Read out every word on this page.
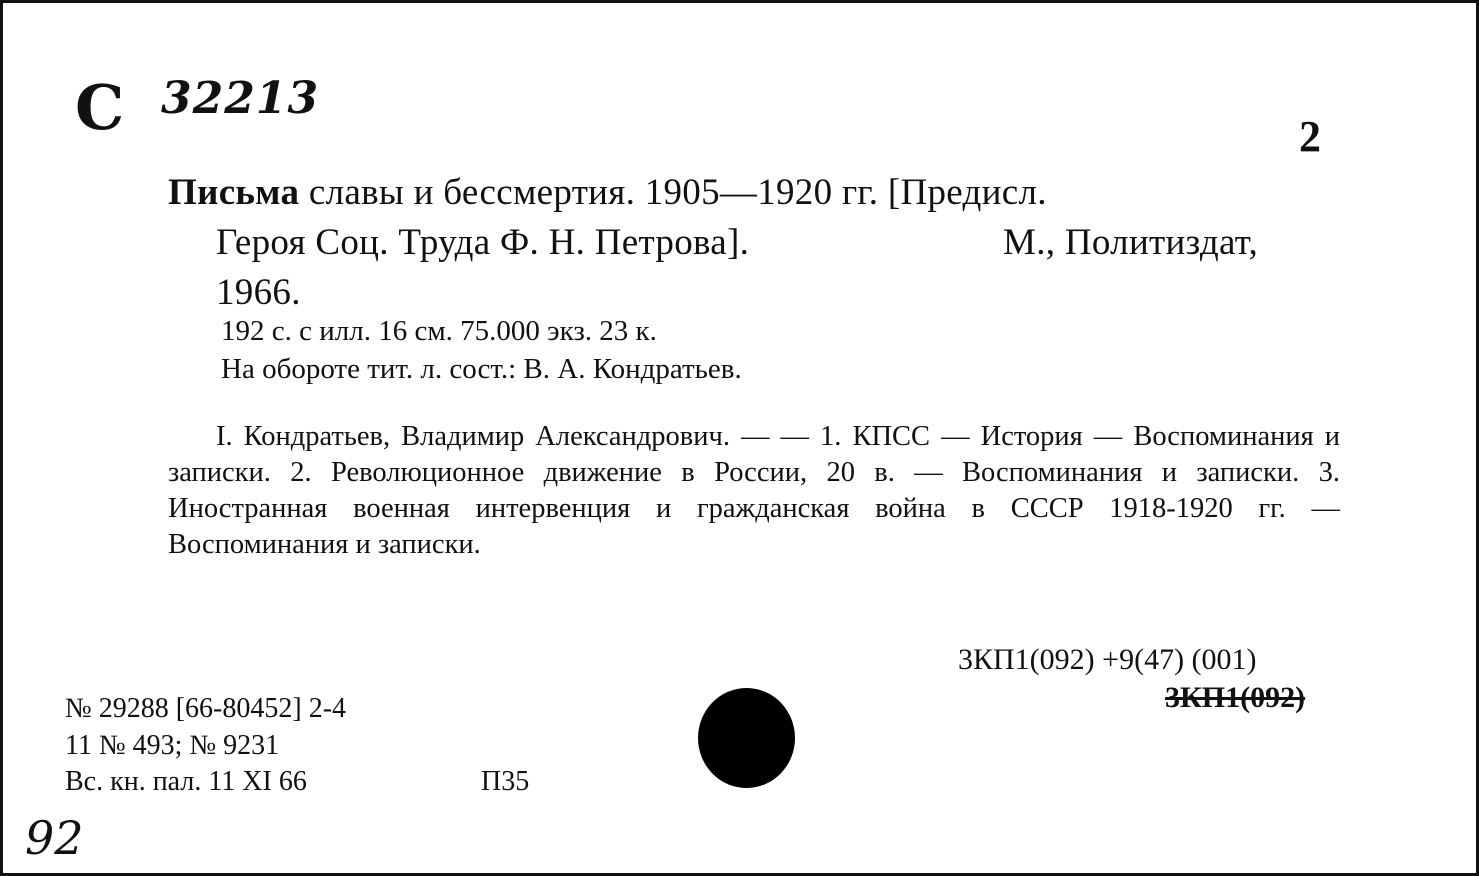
С 32213
2
Письма славы и бессмертия. 1905—1920 гг. [Предисл.
Героя Соц. Труда Ф. Н. Петрова].	М., Политиздат,
1966.
192 с. с илл. 16 см. 75.000 экз. 23 к.
На обороте тит. л. сост.: В. А. Кондратьев.
I. Кондратьев, Владимир Александрович. — — 1. КПСС — История — Воспоминания и записки. 2. Революционное движение в России, 20 в. — Воспоминания и записки. 3. Иностранная военная интервенция и гражданская война в СССР 1918-1920 гг. — Воспоминания и записки.
3КП1(092) +9(47) (001)
3КП1(092)
№ 29288 [66-80452] 2-4
11 № 493; № 9231
Вс. кн. пал. 11 XI 66	П35
92
